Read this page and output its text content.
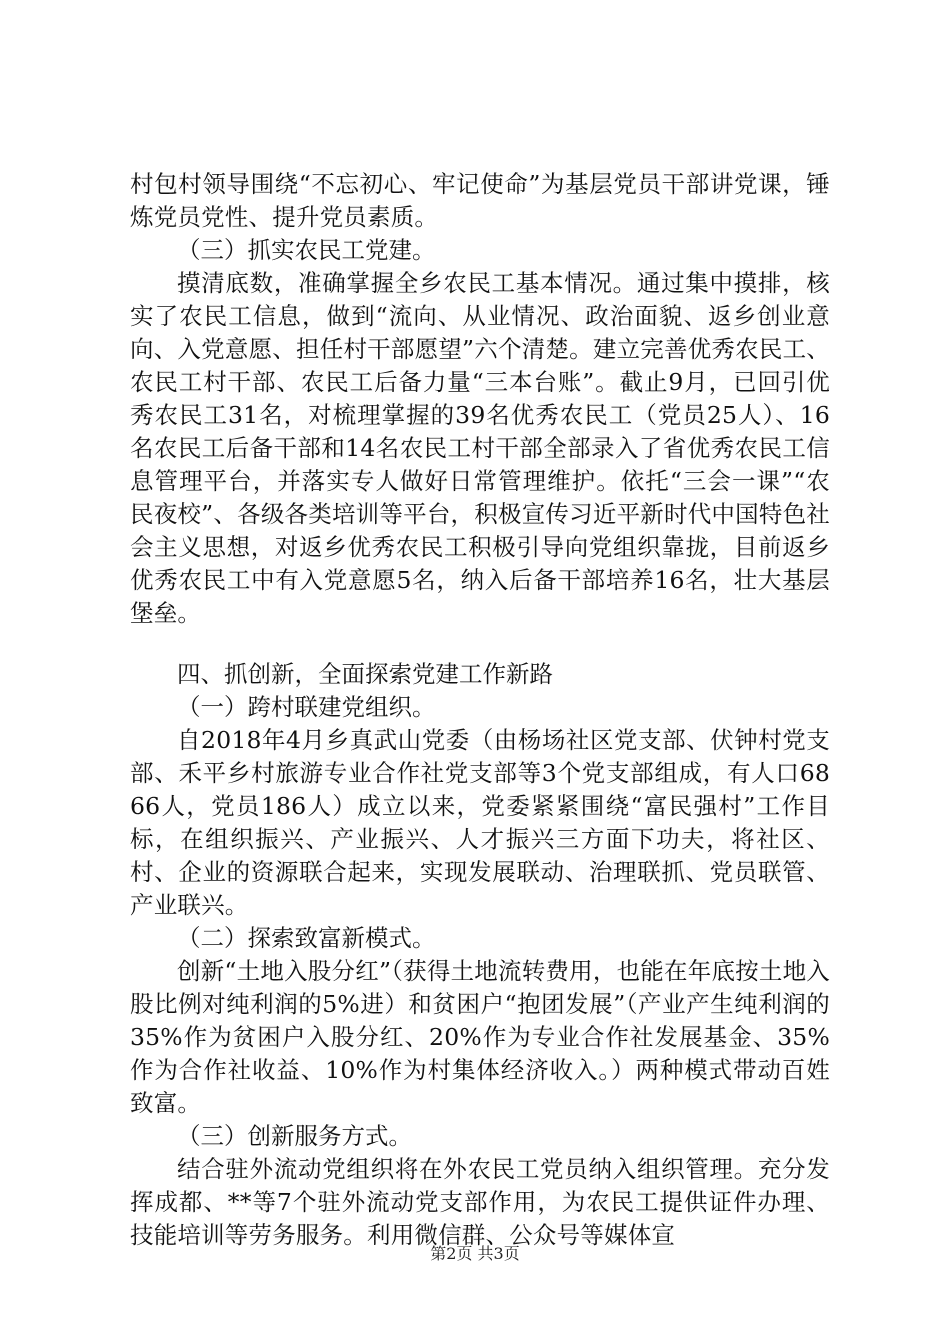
村包村领导围绕“不忘初心、牢记使命”为基层党员干部讲党课，锤炼党员党性、提升党员素质。

（三）抓实农民工党建。

摸清底数，准确掌握全乡农民工基本情况。通过集中摸排，核实了农民工信息，做到“流向、从业情况、政治面貌、返乡创业意向、入党意愿、担任村干部愿望”六个清楚。建立完善优秀农民工、农民工村干部、农民工后备力量“三本台账”。截止9月，已回引优秀农民工31名，对梳理掌握的39名优秀农民工（党员25人）、16名农民工后备干部和14名农民工村干部全部录入了省优秀农民工信息管理平台，并落实专人做好日常管理维护。依托“三会一课”“农民夜校”、各级各类培训等平台，积极宣传习近平新时代中国特色社会主义思想，对返乡优秀农民工积极引导向党组织靠拢，目前返乡优秀农民工中有入党意愿5名，纳入后备干部培养16名，壮大基层堡垒。

四、抓创新，全面探索党建工作新路

（一）跨村联建党组织。

自2018年4月乡真武山党委（由杨场社区党支部、伏钟村党支部、禾平乡村旅游专业合作社党支部等3个党支部组成，有人口6866人，党员186人）成立以来，党委紧紧围绕“富民强村”工作目标，在组织振兴、产业振兴、人才振兴三方面下功夫，将社区、村、企业的资源联合起来，实现发展联动、治理联抓、党员联管、产业联兴。

（二）探索致富新模式。

创新“土地入股分红”（获得土地流转费用，也能在年底按土地入股比例对纯利润的5%进）和贫困户“抱团发展”（产业产生纯利润的35%作为贫困户入股分红、20%作为专业合作社发展基金、35%作为合作社收益、10%作为村集体经济收入。）两种模式带动百姓致富。

（三）创新服务方式。

结合驻外流动党组织将在外农民工党员纳入组织管理。充分发挥成都、**等7个驻外流动党支部作用，为农民工提供证件办理、技能培训等劳务服务。利用微信群、公众号等媒体宣

第2页 共3页
